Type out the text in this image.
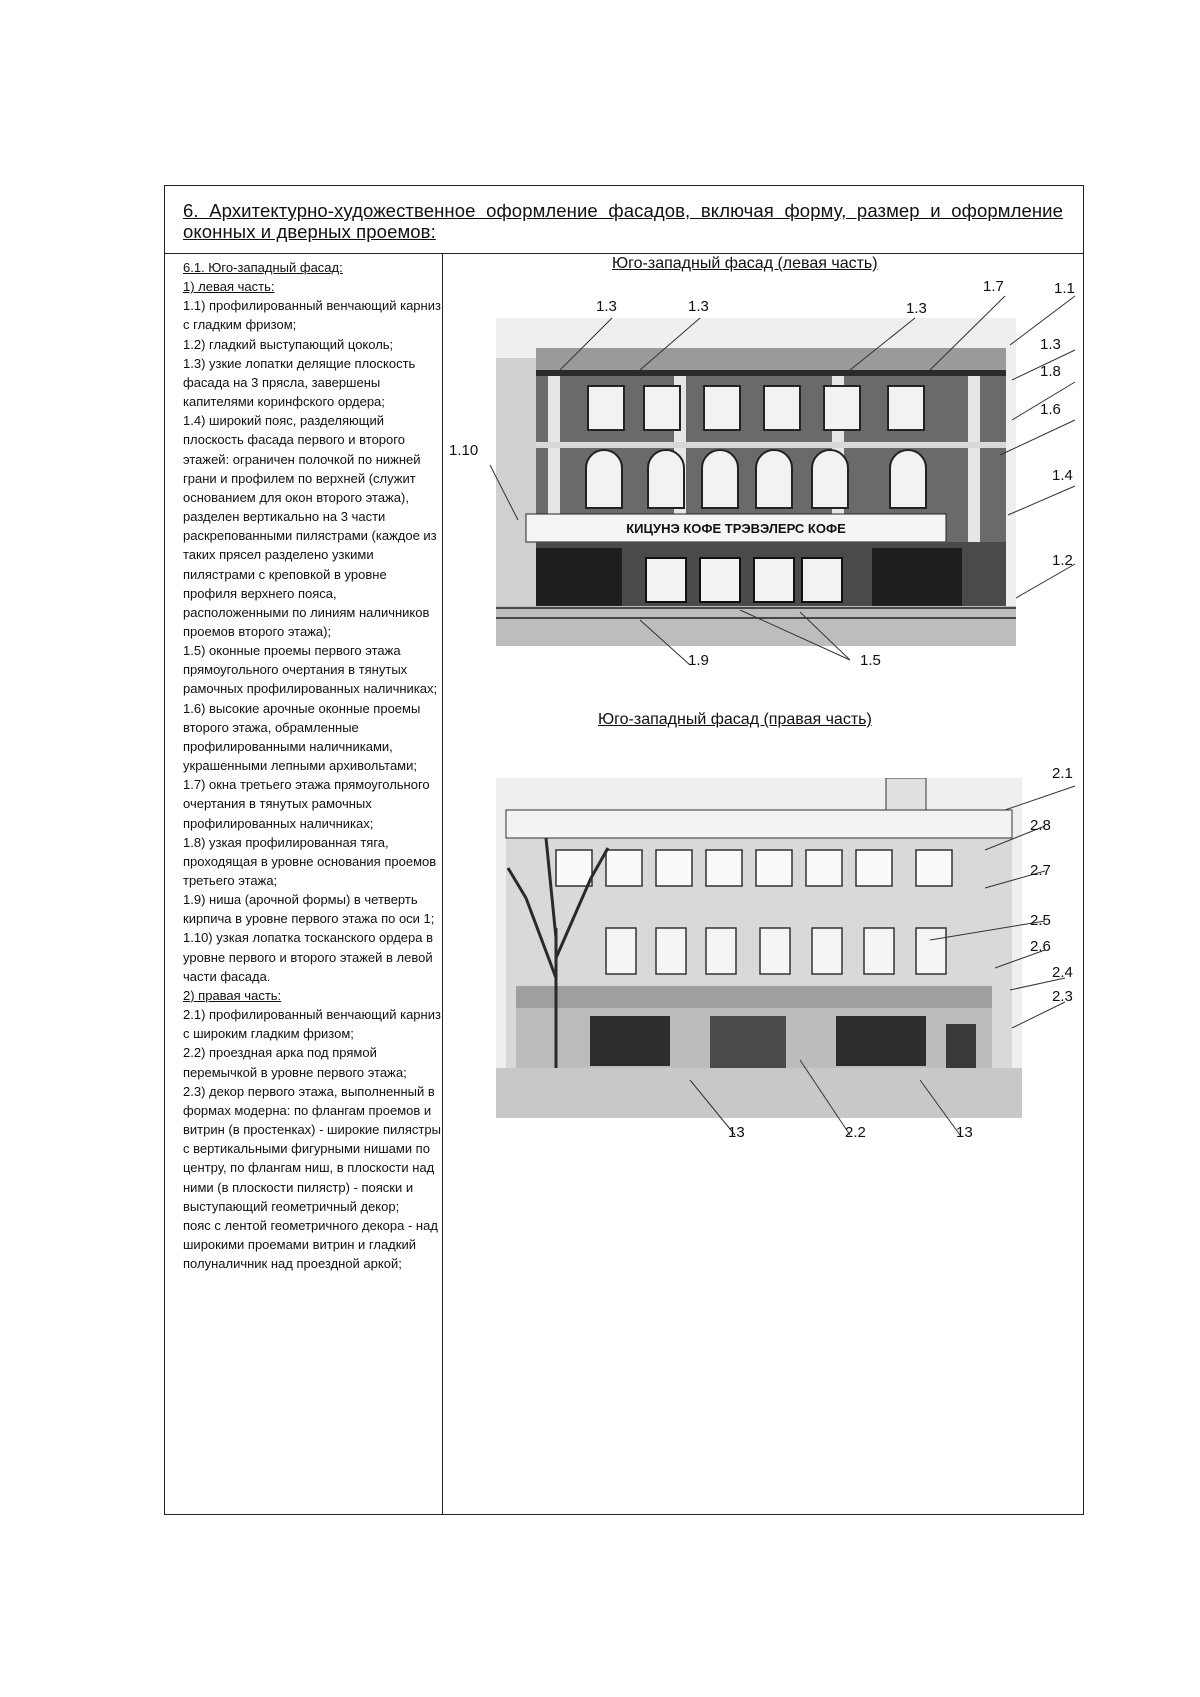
6. Архитектурно-художественное оформление фасадов, включая форму, размер и оформление оконных и дверных проемов:
6.1. Юго-западный фасад:
1) левая часть:
1.1) профилированный венчающий карниз с гладким фризом;
1.2) гладкий выступающий цоколь;
1.3) узкие лопатки делящие плоскость фасада на 3 прясла, завершены капителями коринфского ордера;
1.4) широкий пояс, разделяющий плоскость фасада первого и второго этажей: ограничен полочкой по нижней грани и профилем по верхней (служит основанием для окон второго этажа), разделен вертикально на 3 части раскрепованными пилястрами (каждое из таких прясел разделено узкими пилястрами с креповкой в уровне профиля верхнего пояса, расположенными по линиям наличников проемов второго этажа);
1.5) оконные проемы первого этажа прямоугольного очертания в тянутых рамочных профилированных наличниках;
1.6) высокие арочные оконные проемы второго этажа, обрамленные профилированными наличниками, украшенными лепными архивольтами;
1.7) окна третьего этажа прямоугольного очертания в тянутых рамочных профилированных наличниках;
1.8) узкая профилированная тяга, проходящая в уровне основания проемов третьего этажа;
1.9) ниша (арочной формы) в четверть кирпича в уровне первого этажа по оси 1;
1.10) узкая лопатка тосканского ордера в уровне первого и второго этажей в левой части фасада.
2) правая часть:
2.1) профилированный венчающий карниз с широким гладким фризом;
2.2) проездная арка под прямой перемычкой в уровне первого этажа;
2.3) декор первого этажа, выполненный в формах модерна: по флангам проемов и витрин (в простенках) - широкие пилястры с вертикальными фигурными нишами по центру, по флангам ниш, в плоскости над ними (в плоскости пилястр) - пояски и выступающий геометричный декор;
пояс с лентой геометричного декора - над широкими проемами витрин и гладкий полуналичник над проездной аркой;
Юго-западный фасад (левая часть)
КИЦУНЭ КОФЕ ТРЭВЭЛЕРС КОФЕ
Юго-западный фасад (правая часть)
1.3	1.3	1.3
1.7	1.1
1.3
1.8
1.6
1.10
1.4
1.2
1.9	1.5
2.1
2.8
2.7
2.5
2.6
2.4
2.3
13	2.2	13
